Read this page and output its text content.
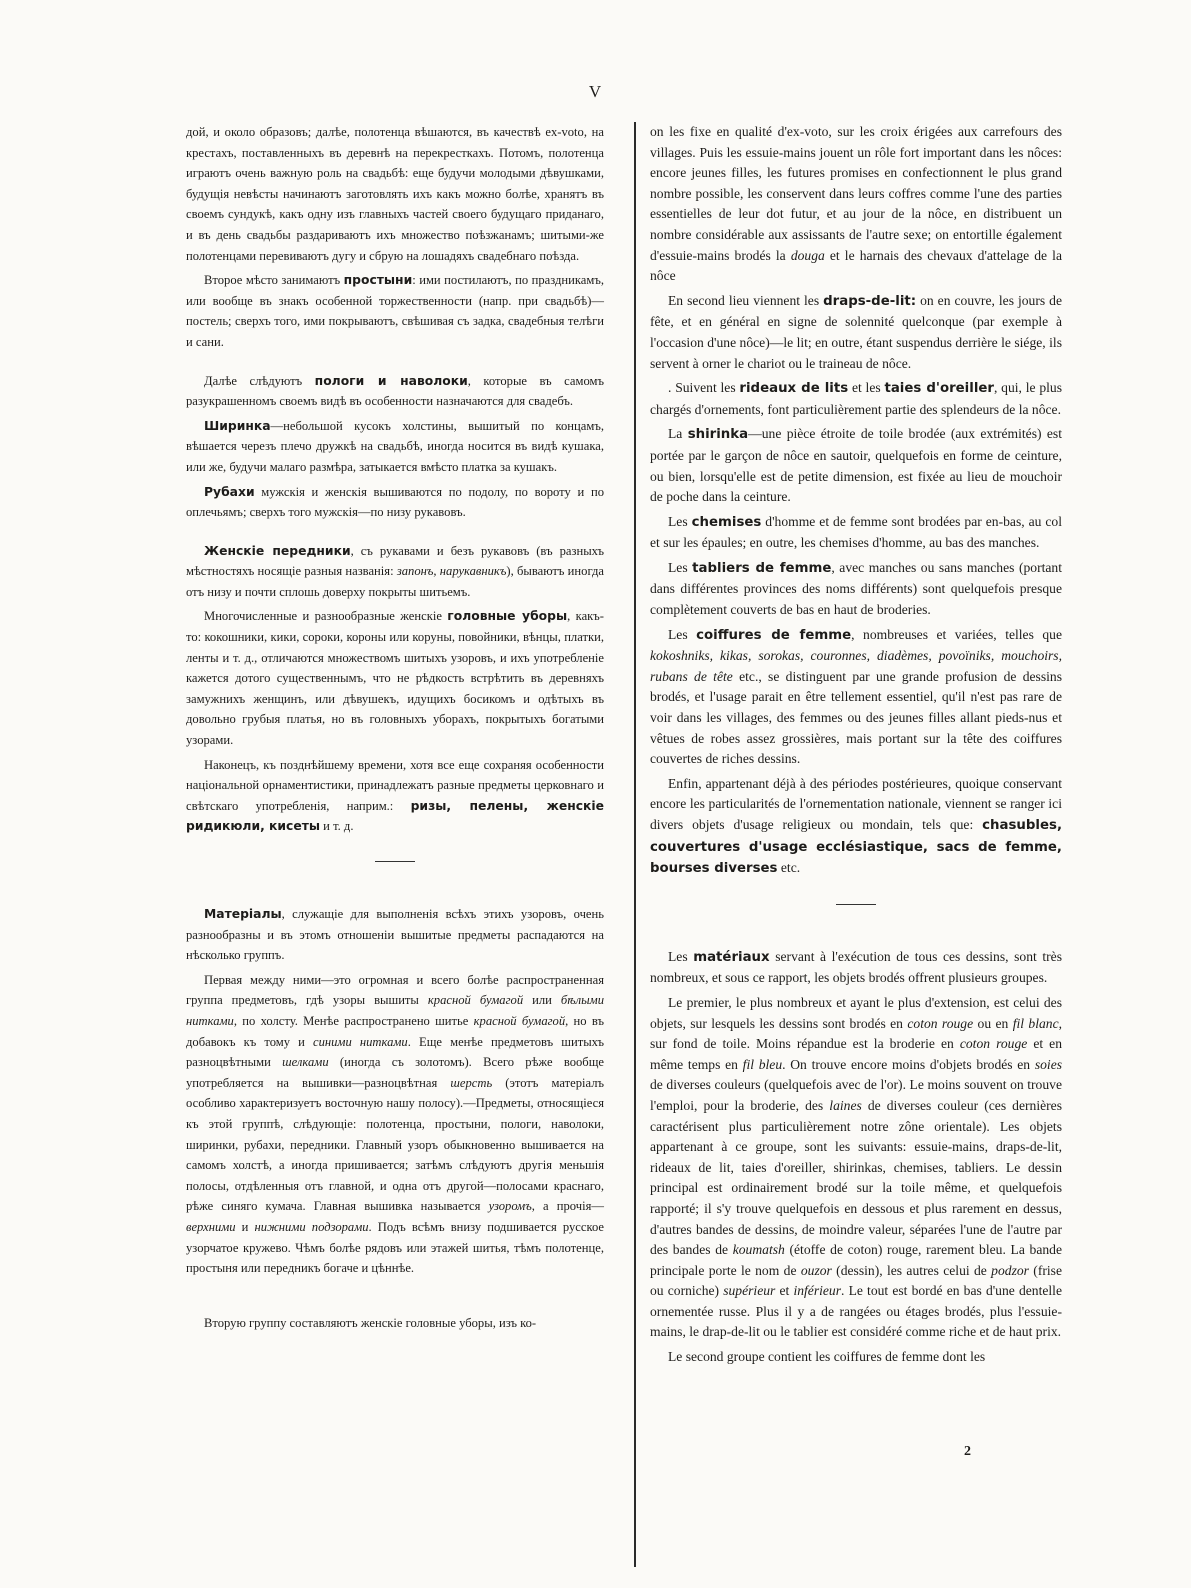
V

дой, и около образовъ; далѣе, полотенца вѣшаются, въ качествѣ ex-voto, на крестахъ, поставленныхъ въ деревнѣ на перекресткахъ. Потомъ, полотенца играютъ очень важную роль на свадьбѣ: еще будучи молодыми дѣвушками, будущія невѣсты начинаютъ заготовлять ихъ какъ можно болѣе, хранятъ въ своемъ сундукѣ, какъ одну изъ главныхъ частей своего будущаго приданаго, и въ день свадьбы раздариваютъ ихъ множество поѣзжанамъ; шитыми-же полотенцами перевиваютъ дугу и сбрую на лошадяхъ свадебнаго поѣзда.

Второе мѣсто занимаютъ простыни: ими постилаютъ, по праздникамъ, или вообще въ знакъ особенной торжественности (напр. при свадьбѣ)—постель; сверхъ того, ими покрываютъ, свѣшивая съ задка, свадебныя телѣги и сани.

Далѣе слѣдуютъ пологи и наволоки, которые въ самомъ разукрашенномъ своемъ видѣ въ особенности назначаются для свадебъ.

Ширинка—небольшой кусокъ холстины, вышитый по концамъ, вѣшается черезъ плечо дружкѣ на свадьбѣ, иногда носится въ видѣ кушака, или же, будучи малаго размѣра, затыкается вмѣсто платка за кушакъ.

Рубахи мужскія и женскія вышиваются по подолу, по вороту и по оплечьямъ; сверхъ того мужскія—по низу рукавовъ.

Женскіе передники, съ рукавами и безъ рукавовъ (въ разныхъ мѣстностяхъ носящіе разныя названія: запонъ, нарукавникъ), бываютъ иногда отъ низу и почти сплошь доверху покрыты шитьемъ.

Многочисленные и разнообразные женскіе головные уборы, какъ-то: кокошники, кики, сороки, короны или коруны, повойники, вѣнцы, платки, ленты и т. д., отличаются множествомъ шитыхъ узоровъ, и ихъ употребленіе кажется дотого существеннымъ, что не рѣдкость встрѣтить въ деревняхъ замужнихъ женщинъ, или дѣвушекъ, идущихъ босикомъ и одѣтыхъ въ довольно грубыя платья, но въ головныхъ уборахъ, покрытыхъ богатыми узорами.

Наконецъ, къ позднѣйшему времени, хотя все еще сохраняя особенности національной орнаментистики, принадлежатъ разные предметы церковнаго и свѣтскаго употребленія, наприм.: ризы, пелены, женскіе ридикюли, кисеты и т. д.

Матеріалы, служащіе для выполненія всѣхъ этихъ узоровъ, очень разнообразны и въ этомъ отношеніи вышитые предметы распадаются на нѣсколько группъ.

Первая между ними—это огромная и всего болѣе распространенная группа предметовъ, гдѣ узоры вышиты красной бумагой или бѣлыми нитками, по холсту. Менѣе распространено шитье красной бумагой, но въ добавокъ къ тому и синими нитками. Еще менѣе предметовъ шитыхъ разноцвѣтными шелками (иногда съ золотомъ). Всего рѣже вообще употребляется на вышивки—разноцвѣтная шерсть (этотъ матеріалъ особливо характеризуетъ восточную нашу полосу).—Предметы, относящіеся къ этой группѣ, слѣдующіе: полотенца, простыни, пологи, наволоки, ширинки, рубахи, передники. Главный узоръ обыкновенно вышивается на самомъ холстѣ, а иногда пришивается; затѣмъ слѣдуютъ другія меньшія полосы, отдѣленныя отъ главной, и одна отъ другой—полосами краснаго, рѣже синяго кумача. Главная вышивка называется узоромъ, а прочія—верхними и нижними подзорами. Подъ всѣмъ внизу подшивается русское узорчатое кружево. Чѣмъ болѣе рядовъ или этажей шитья, тѣмъ полотенце, простыня или передникъ богаче и цѣннѣе.

Вторую группу составляютъ женскіе головные уборы, изъ ко-

on les fixe en qualité d'ex-voto, sur les croix érigées aux carrefours des villages. Puis les essuie-mains jouent un rôle fort important dans les nôces: encore jeunes filles, les futures promises en confectionnent le plus grand nombre possible, les conservent dans leurs coffres comme l'une des parties essentielles de leur dot futur, et au jour de la nôce, en distribuent un nombre considérable aux assissants de l'autre sexe; on entortille également d'essuie-mains brodés la douga et le harnais des chevaux d'attelage de la nôce

En second lieu viennent les draps-de-lit: on en couvre, les jours de fête, et en général en signe de solennité quelconque (par exemple à l'occasion d'une nôce)—le lit; en outre, étant suspendus derrière le siége, ils servent à orner le chariot ou le traineau de nôce.

. Suivent les rideaux de lits et les taies d'oreiller, qui, le plus chargés d'ornements, font particulièrement partie des splendeurs de la nôce.

La shirinka—une pièce étroite de toile brodée (aux extrémités) est portée par le garçon de nôce en sautoir, quelquefois en forme de ceinture, ou bien, lorsqu'elle est de petite dimension, est fixée au lieu de mouchoir de poche dans la ceinture.

Les chemises d'homme et de femme sont brodées par en-bas, au col et sur les épaules; en outre, les chemises d'homme, au bas des manches.

Les tabliers de femme, avec manches ou sans manches (portant dans différentes provinces des noms différents) sont quelquefois presque complètement couverts de bas en haut de broderies.

Les coiffures de femme, nombreuses et variées, telles que kokoshniks, kikas, sorokas, couronnes, diadèmes, povoïniks, mouchoirs, rubans de tête etc., se distinguent par une grande profusion de dessins brodés, et l'usage parait en être tellement essentiel, qu'il n'est pas rare de voir dans les villages, des femmes ou des jeunes filles allant pieds-nus et vêtues de robes assez grossières, mais portant sur la tête des coiffures couvertes de riches dessins.

Enfin, appartenant déjà à des périodes postérieures, quoique conservant encore les particularités de l'ornementation nationale, viennent se ranger ici divers objets d'usage religieux ou mondain, tels que: chasubles, couvertures d'usage ecclésiastique, sacs de femme, bourses diverses etc.

Les matériaux servant à l'exécution de tous ces dessins, sont très nombreux, et sous ce rapport, les objets brodés offrent plusieurs groupes.

Le premier, le plus nombreux et ayant le plus d'extension, est celui des objets, sur lesquels les dessins sont brodés en coton rouge ou en fil blanc, sur fond de toile. Moins répandue est la broderie en coton rouge et en même temps en fil bleu. On trouve encore moins d'objets brodés en soies de diverses couleurs (quelquefois avec de l'or). Le moins souvent on trouve l'emploi, pour la broderie, des laines de diverses couleur (ces dernières caractérisent plus particulièrement notre zône orientale). Les objets appartenant à ce groupe, sont les suivants: essuie-mains, draps-de-lit, rideaux de lit, taies d'oreiller, shirinkas, chemises, tabliers. Le dessin principal est ordinairement brodé sur la toile même, et quelquefois rapporté; il s'y trouve quelquefois en dessous et plus rarement en dessus, d'autres bandes de dessins, de moindre valeur, séparées l'une de l'autre par des bandes de koumatsh (étoffe de coton) rouge, rarement bleu. La bande principale porte le nom de ouzor (dessin), les autres celui de podzor (frise ou corniche) supérieur et inférieur. Le tout est bordé en bas d'une dentelle ornementée russe. Plus il y a de rangées ou étages brodés, plus l'essuie-mains, le drap-de-lit ou le tablier est considéré comme riche et de haut prix.

Le second groupe contient les coiffures de femme dont les

2
